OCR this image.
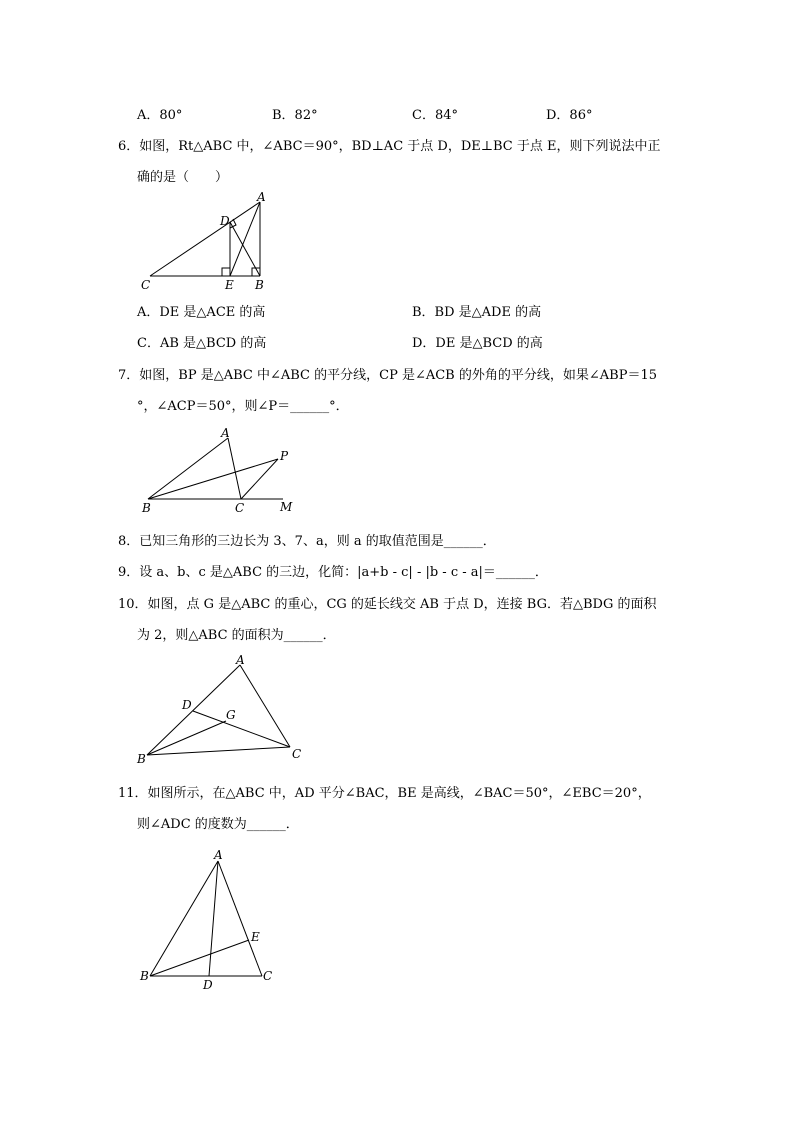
A．80°	B．82°	C．84°	D．86°
6．如图，Rt△ABC 中，∠ABC＝90°，BD⊥AC 于点 D，DE⊥BC 于点 E，则下列说法中正
确的是（　　）
A
C
D
E B
A．DE 是△ACE 的高	B．BD 是△ADE 的高
C．AB 是△BCD 的高	D．DE 是△BCD 的高
7．如图，BP 是△ABC 中∠ABC 的平分线，CP 是∠ACB 的外角的平分线，如果∠ABP＝15
°，∠ACP＝50°，则∠P＝______°．
A
B	C
P
M
8．已知三角形的三边长为 3、7、a，则 a 的取值范围是______．
9．设 a、b、c 是△ABC 的三边，化简：|a+b - c| - |b - c - a|＝______．
10．如图，点 G 是△ABC 的重心，CG 的延长线交 AB 于点 D，连接 BG．若△BDG 的面积
为 2，则△ABC 的面积为______．
A
D
G
B	C
11．如图所示，在△ABC 中，AD 平分∠BAC，BE 是高线，∠BAC＝50°，∠EBC＝20°，
则∠ADC 的度数为______．
A
E
B
D
C
